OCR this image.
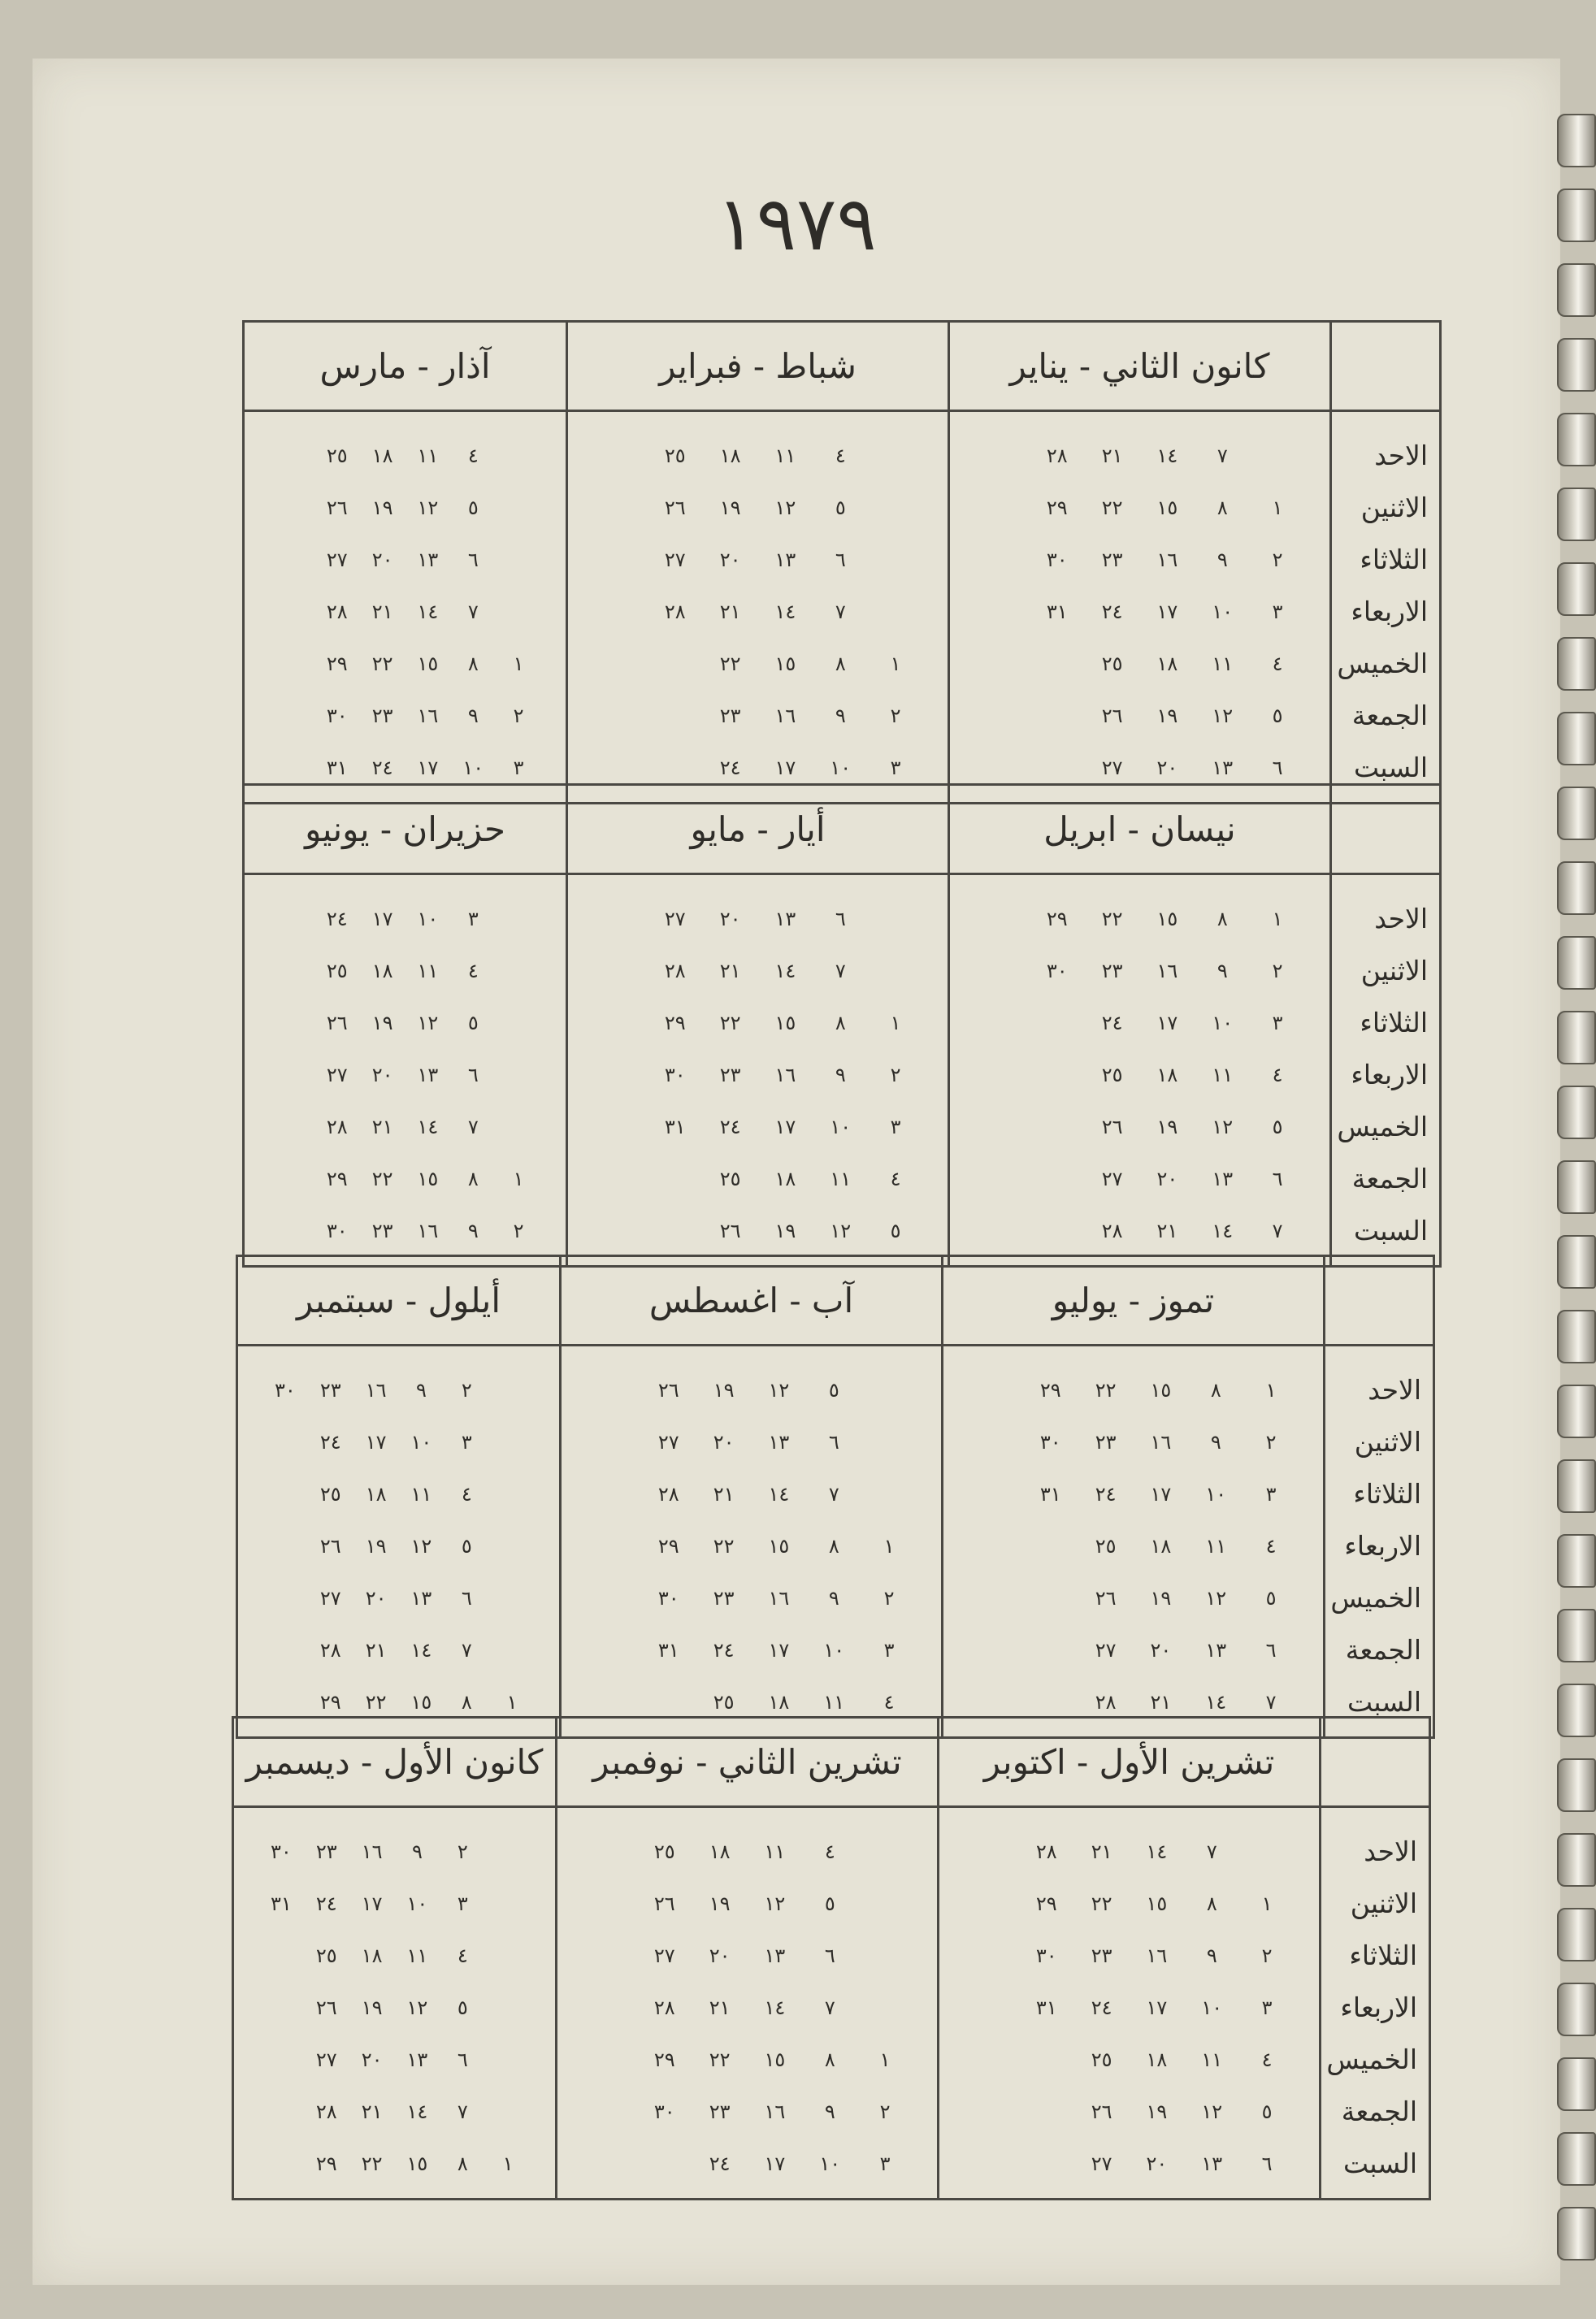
١٩٧٩
كانون الثاني - يناير
شباط - فبراير
آذار - مارس
الاحد
الاثنين
الثلاثاء
الاربعاء
الخميس
الجمعة
السبت
٧
١٤
٢١
٢٨
١
٨
١٥
٢٢
٢٩
٢
٩
١٦
٢٣
٣٠
٣
١٠
١٧
٢٤
٣١
٤
١١
١٨
٢٥
٥
١٢
١٩
٢٦
٦
١٣
٢٠
٢٧
٤
١١
١٨
٢٥
٥
١٢
١٩
٢٦
٦
١٣
٢٠
٢٧
٧
١٤
٢١
٢٨
١
٨
١٥
٢٢
٢
٩
١٦
٢٣
٣
١٠
١٧
٢٤
٤
١١
١٨
٢٥
٥
١٢
١٩
٢٦
٦
١٣
٢٠
٢٧
٧
١٤
٢١
٢٨
١
٨
١٥
٢٢
٢٩
٢
٩
١٦
٢٣
٣٠
٣
١٠
١٧
٢٤
٣١
نيسان - ابريل
أيار - مايو
حزيران - يونيو
الاحد
الاثنين
الثلاثاء
الاربعاء
الخميس
الجمعة
السبت
١
٨
١٥
٢٢
٢٩
٢
٩
١٦
٢٣
٣٠
٣
١٠
١٧
٢٤
٤
١١
١٨
٢٥
٥
١٢
١٩
٢٦
٦
١٣
٢٠
٢٧
٧
١٤
٢١
٢٨
٦
١٣
٢٠
٢٧
٧
١٤
٢١
٢٨
١
٨
١٥
٢٢
٢٩
٢
٩
١٦
٢٣
٣٠
٣
١٠
١٧
٢٤
٣١
٤
١١
١٨
٢٥
٥
١٢
١٩
٢٦
٣
١٠
١٧
٢٤
٤
١١
١٨
٢٥
٥
١٢
١٩
٢٦
٦
١٣
٢٠
٢٧
٧
١٤
٢١
٢٨
١
٨
١٥
٢٢
٢٩
٢
٩
١٦
٢٣
٣٠
تموز - يوليو
آب - اغسطس
أيلول - سبتمبر
الاحد
الاثنين
الثلاثاء
الاربعاء
الخميس
الجمعة
السبت
١
٨
١٥
٢٢
٢٩
٢
٩
١٦
٢٣
٣٠
٣
١٠
١٧
٢٤
٣١
٤
١١
١٨
٢٥
٥
١٢
١٩
٢٦
٦
١٣
٢٠
٢٧
٧
١٤
٢١
٢٨
٥
١٢
١٩
٢٦
٦
١٣
٢٠
٢٧
٧
١٤
٢١
٢٨
١
٨
١٥
٢٢
٢٩
٢
٩
١٦
٢٣
٣٠
٣
١٠
١٧
٢٤
٣١
٤
١١
١٨
٢٥
٢
٩
١٦
٢٣
٣٠
٣
١٠
١٧
٢٤
٤
١١
١٨
٢٥
٥
١٢
١٩
٢٦
٦
١٣
٢٠
٢٧
٧
١٤
٢١
٢٨
١
٨
١٥
٢٢
٢٩
تشرين الأول - اكتوبر
تشرين الثاني - نوفمبر
كانون الأول - ديسمبر
الاحد
الاثنين
الثلاثاء
الاربعاء
الخميس
الجمعة
السبت
٧
١٤
٢١
٢٨
١
٨
١٥
٢٢
٢٩
٢
٩
١٦
٢٣
٣٠
٣
١٠
١٧
٢٤
٣١
٤
١١
١٨
٢٥
٥
١٢
١٩
٢٦
٦
١٣
٢٠
٢٧
٤
١١
١٨
٢٥
٥
١٢
١٩
٢٦
٦
١٣
٢٠
٢٧
٧
١٤
٢١
٢٨
١
٨
١٥
٢٢
٢٩
٢
٩
١٦
٢٣
٣٠
٣
١٠
١٧
٢٤
٢
٩
١٦
٢٣
٣٠
٣
١٠
١٧
٢٤
٣١
٤
١١
١٨
٢٥
٥
١٢
١٩
٢٦
٦
١٣
٢٠
٢٧
٧
١٤
٢١
٢٨
١
٨
١٥
٢٢
٢٩
